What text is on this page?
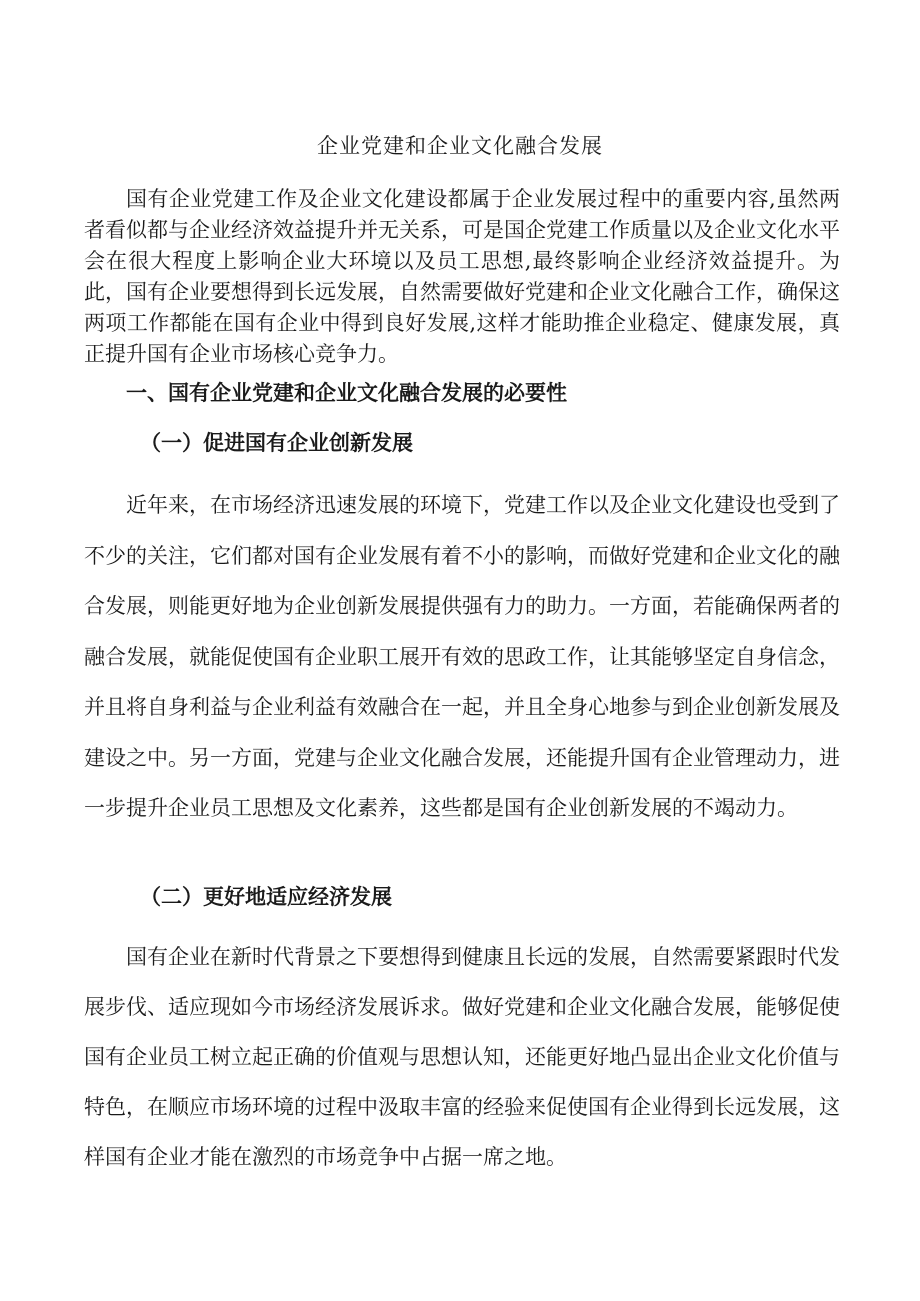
企业党建和企业文化融合发展

国有企业党建工作及企业文化建设都属于企业发展过程中的重要内容,虽然两者看似都与企业经济效益提升并无关系，可是国企党建工作质量以及企业文化水平会在很大程度上影响企业大环境以及员工思想,最终影响企业经济效益提升。为此，国有企业要想得到长远发展，自然需要做好党建和企业文化融合工作，确保这两项工作都能在国有企业中得到良好发展,这样才能助推企业稳定、健康发展，真正提升国有企业市场核心竞争力。

一、国有企业党建和企业文化融合发展的必要性
（一）促进国有企业创新发展

近年来，在市场经济迅速发展的环境下，党建工作以及企业文化建设也受到了不少的关注，它们都对国有企业发展有着不小的影响，而做好党建和企业文化的融合发展，则能更好地为企业创新发展提供强有力的助力。一方面，若能确保两者的融合发展，就能促使国有企业职工展开有效的思政工作，让其能够坚定自身信念，并且将自身利益与企业利益有效融合在一起，并且全身心地参与到企业创新发展及建设之中。另一方面，党建与企业文化融合发展，还能提升国有企业管理动力，进一步提升企业员工思想及文化素养，这些都是国有企业创新发展的不竭动力。

（二）更好地适应经济发展

国有企业在新时代背景之下要想得到健康且长远的发展，自然需要紧跟时代发展步伐、适应现如今市场经济发展诉求。做好党建和企业文化融合发展，能够促使国有企业员工树立起正确的价值观与思想认知，还能更好地凸显出企业文化价值与特色，在顺应市场环境的过程中汲取丰富的经验来促使国有企业得到长远发展，这样国有企业才能在激烈的市场竞争中占据一席之地。
